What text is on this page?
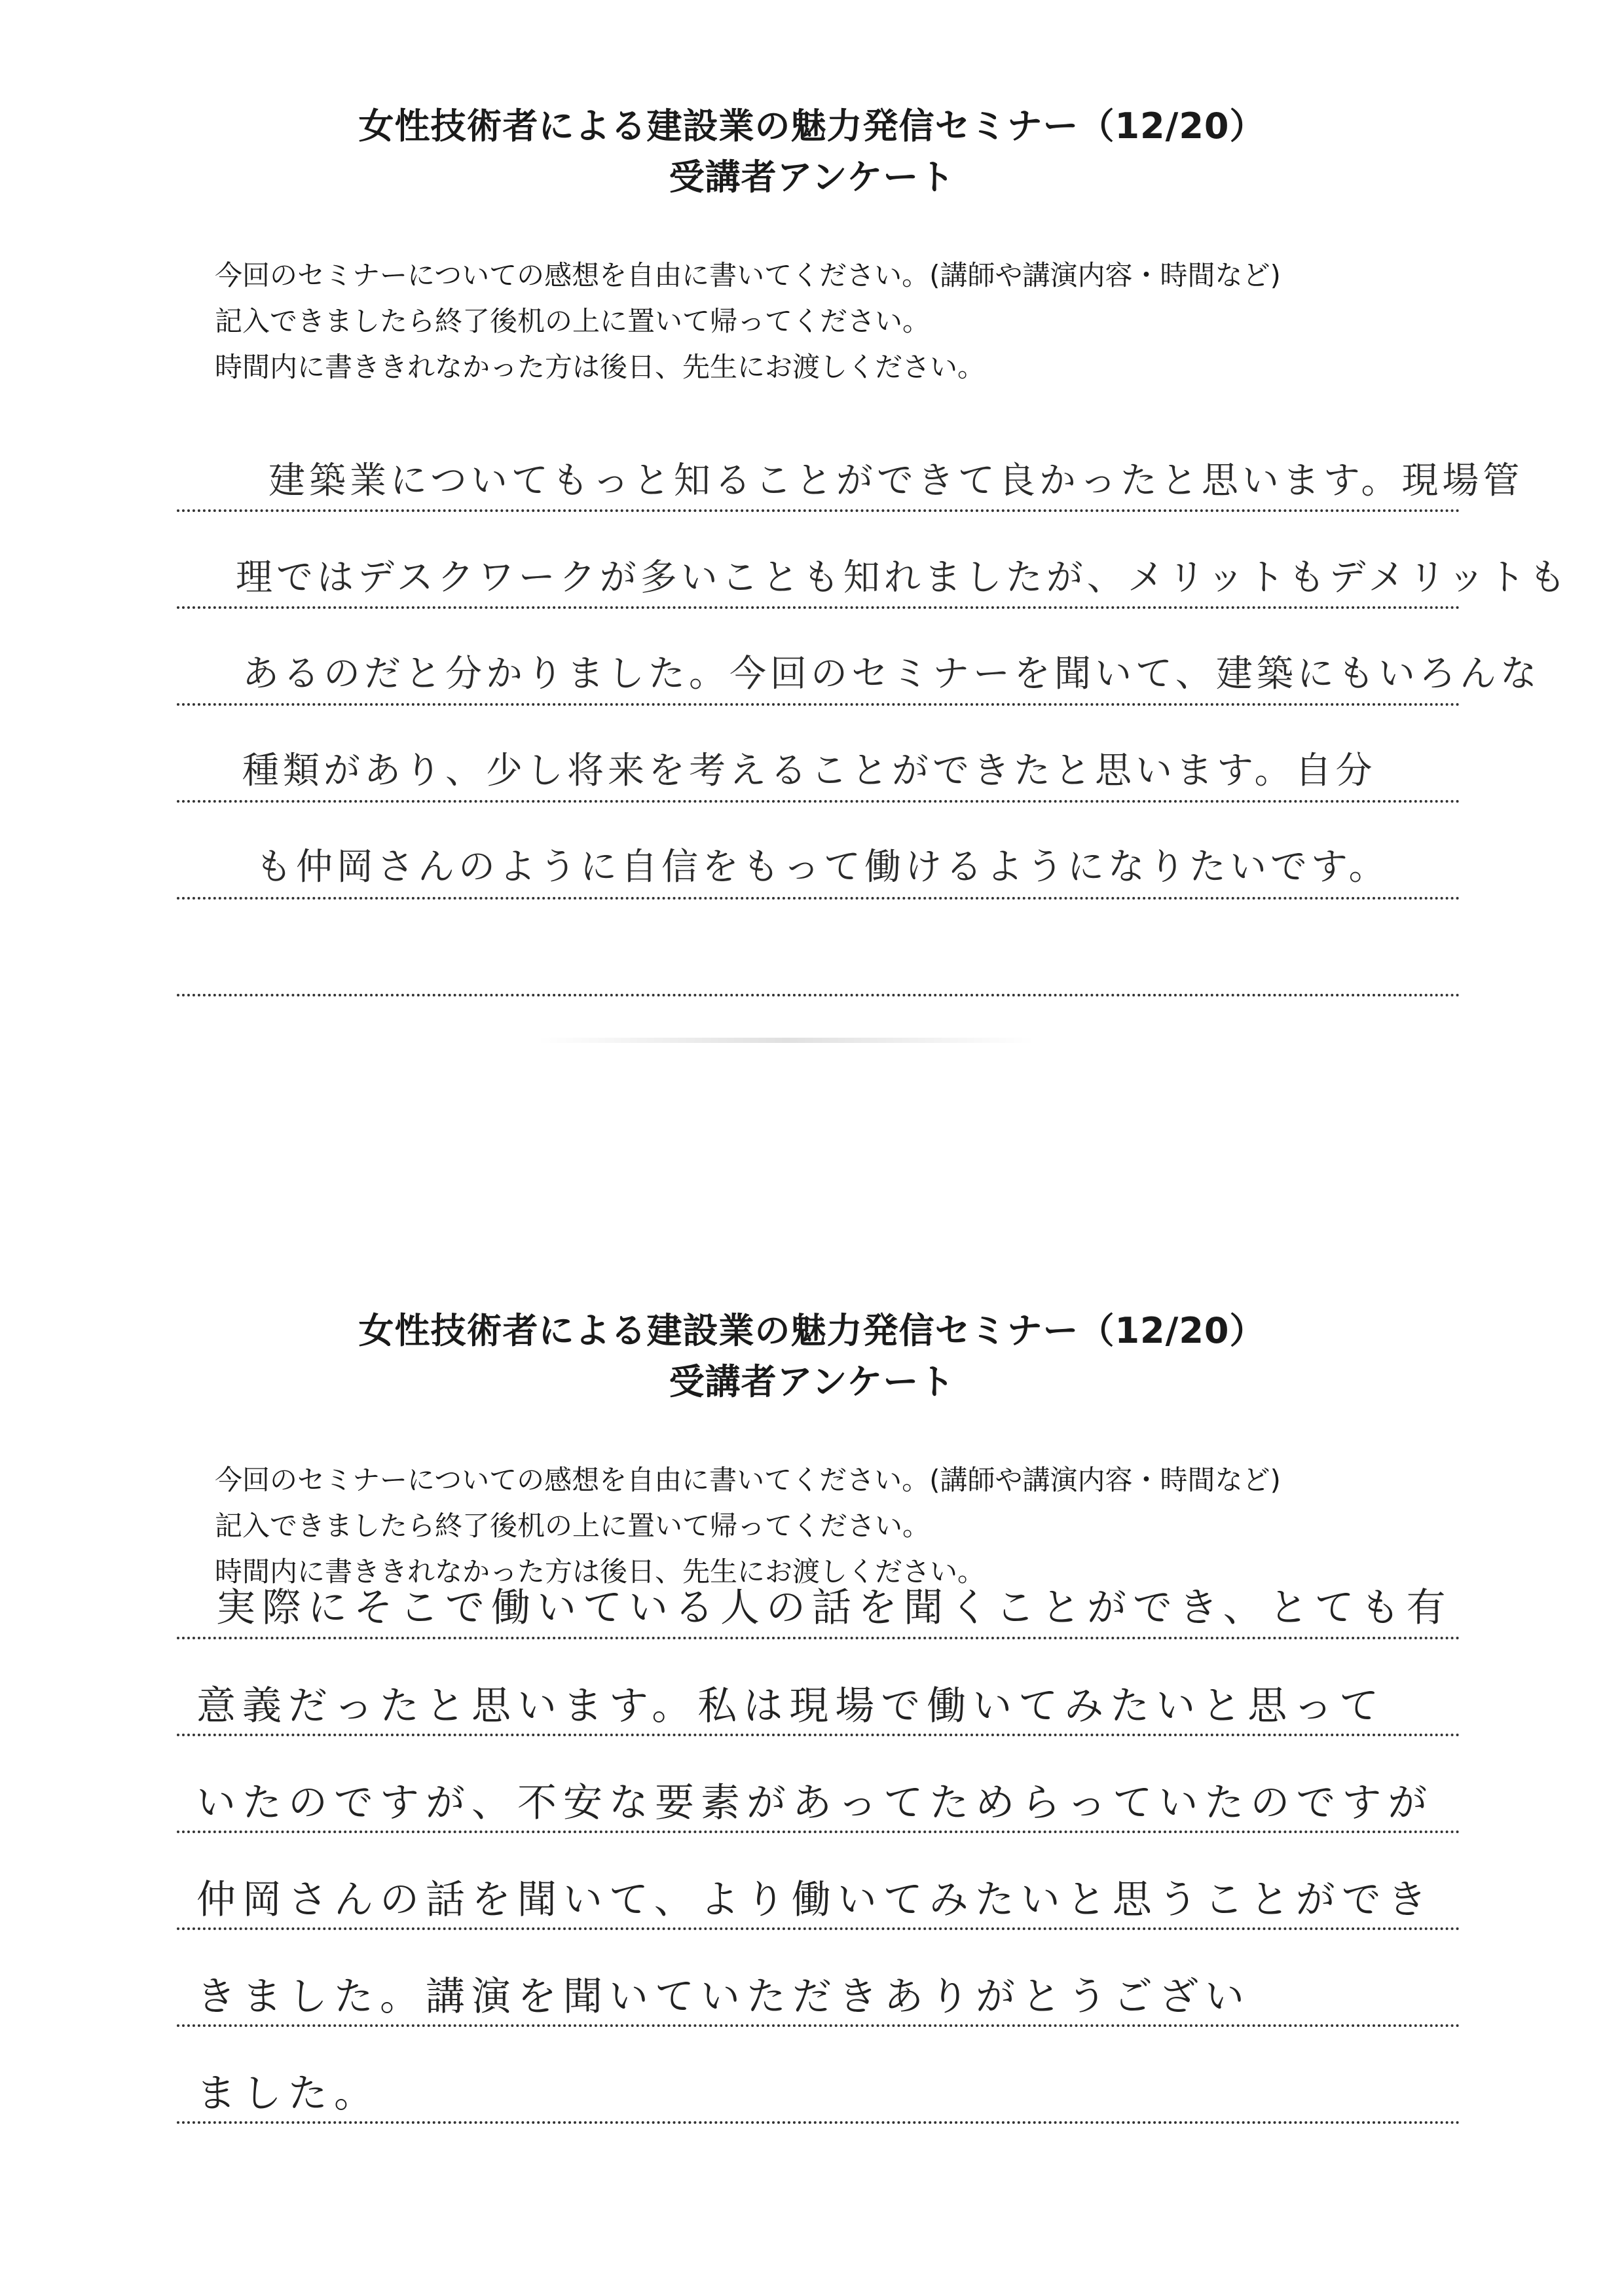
女性技術者による建設業の魅力発信セミナー（12/20）
受講者アンケート
今回のセミナーについての感想を自由に書いてください。(講師や講演内容・時間など)
記入できましたら終了後机の上に置いて帰ってください。
時間内に書ききれなかった方は後日、先生にお渡しください。
建築業についてもっと知ることができて良かったと思います。現場管
理ではデスクワークが多いことも知れましたが、メリットもデメリットも
あるのだと分かりました。今回のセミナーを聞いて、建築にもいろんな
種類があり、少し将来を考えることができたと思います。自分
も仲岡さんのように自信をもって働けるようになりたいです。
女性技術者による建設業の魅力発信セミナー（12/20）
受講者アンケート
今回のセミナーについての感想を自由に書いてください。(講師や講演内容・時間など)
記入できましたら終了後机の上に置いて帰ってください。
時間内に書ききれなかった方は後日、先生にお渡しください。
実際にそこで働いている人の話を聞くことができ、とても有
意義だったと思います。私は現場で働いてみたいと思って
いたのですが、不安な要素があってためらっていたのですが
仲岡さんの話を聞いて、より働いてみたいと思うことができ
きました。講演を聞いていただきありがとうござい
ました。
